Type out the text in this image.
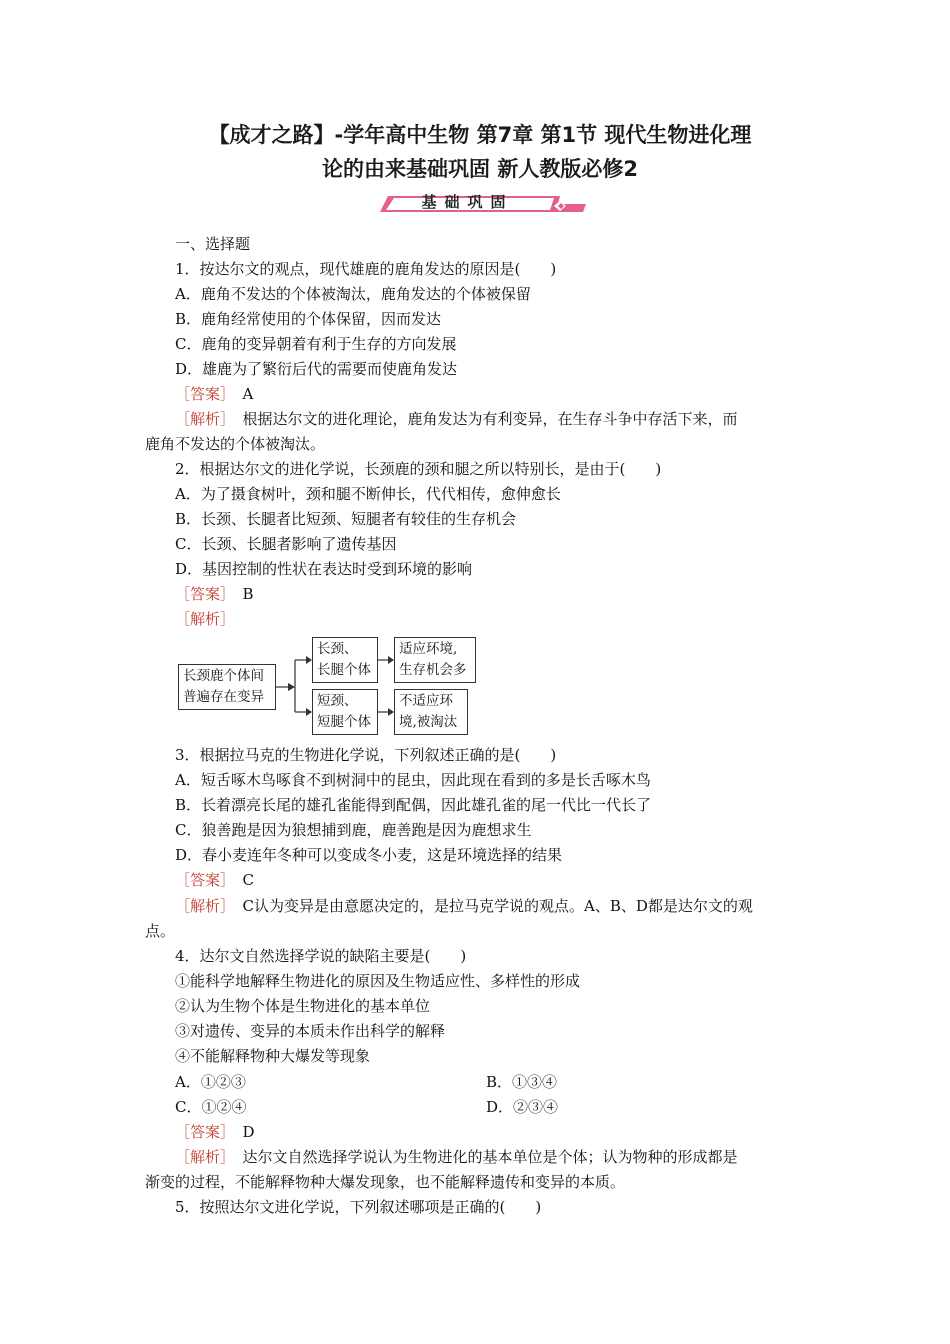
【成才之路】-学年高中生物 第7章 第1节 现代生物进化理
论的由来基础巩固 新人教版必修2
基础巩固
一、选择题
1．按达尔文的观点，现代雄鹿的鹿角发达的原因是(　　)
A．鹿角不发达的个体被淘汰，鹿角发达的个体被保留
B．鹿角经常使用的个体保留，因而发达
C．鹿角的变异朝着有利于生存的方向发展
D．雄鹿为了繁衍后代的需要而使鹿角发达
［答案］　 A
［解析］　 根据达尔文的进化理论，鹿角发达为有利变异，在生存斗争中存活下来，而
鹿角不发达的个体被淘汰。
2．根据达尔文的进化学说，长颈鹿的颈和腿之所以特别长，是由于(　　)
A．为了摄食树叶，颈和腿不断伸长，代代相传，愈伸愈长
B．长颈、长腿者比短颈、短腿者有较佳的生存机会
C．长颈、长腿者影响了遗传基因
D．基因控制的性状在表达时受到环境的影响
［答案］　 B
［解析］
长颈鹿个体间
普遍存在变异
长颈、
长腿个体
适应环境,
生存机会多
短颈、
短腿个体
不适应环
境,被淘汰
3．根据拉马克的生物进化学说，下列叙述正确的是(　　)
A．短舌啄木鸟啄食不到树洞中的昆虫，因此现在看到的多是长舌啄木鸟
B．长着漂亮长尾的雄孔雀能得到配偶，因此雄孔雀的尾一代比一代长了
C．狼善跑是因为狼想捕到鹿，鹿善跑是因为鹿想求生
D．春小麦连年冬种可以变成冬小麦，这是环境选择的结果
［答案］　 C
［解析］　 C认为变异是由意愿决定的，是拉马克学说的观点。A、B、D都是达尔文的观
点。
4．达尔文自然选择学说的缺陷主要是(　　)
①能科学地解释生物进化的原因及生物适应性、多样性的形成
②认为生物个体是生物进化的基本单位
③对遗传、变异的本质未作出科学的解释
④不能解释物种大爆发等现象
A．①②③	B．①③④
C．①②④	D．②③④
［答案］　 D
［解析］　 达尔文自然选择学说认为生物进化的基本单位是个体；认为物种的形成都是
渐变的过程，不能解释物种大爆发现象，也不能解释遗传和变异的本质。
5．按照达尔文进化学说，下列叙述哪项是正确的(　　)
